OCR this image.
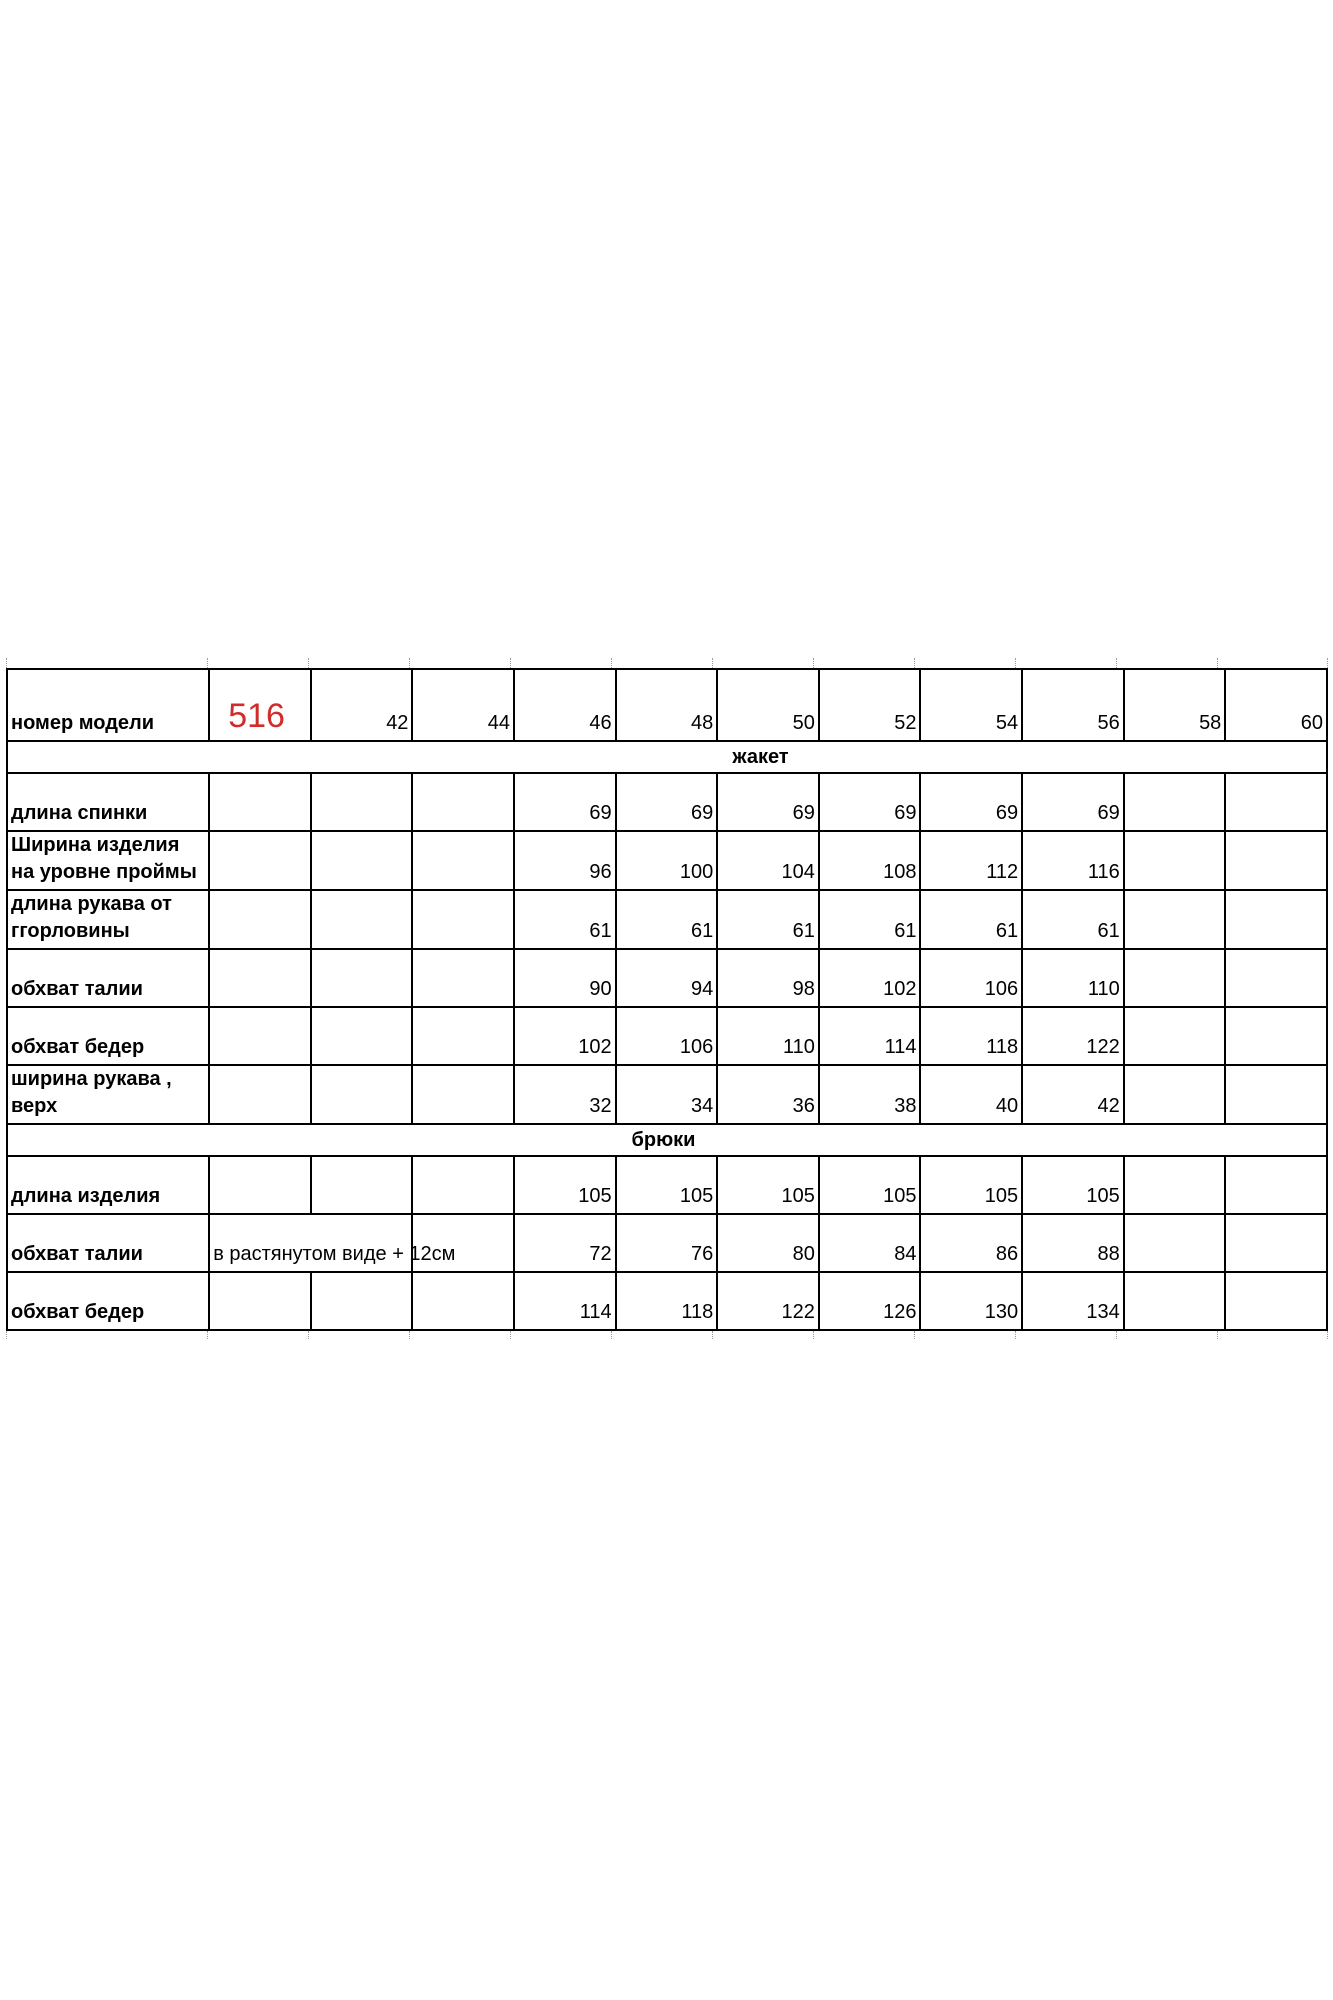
номер модели	516	42	44	46	48	50	52	54	56	58	60
жакет											

длина спинки				69	69	69	69	69	69		

Ширина изделия
на уровне проймы				96	100	104	108	112	116		

длина рукава от
ггорловины				61	61	61	61	61	61		

обхват талии				90	94	98	102	106	110		

обхват бедер				102	106	110	114	118	122		

ширина рукава ,
верх				32	34	36	38	40	42		
брюки											

длина изделия				105	105	105	105	105	105		

обхват талии	в растянутом виде + 12см			72	76	80	84	86	88		

обхват бедер				114	118	122	126	130	134		
